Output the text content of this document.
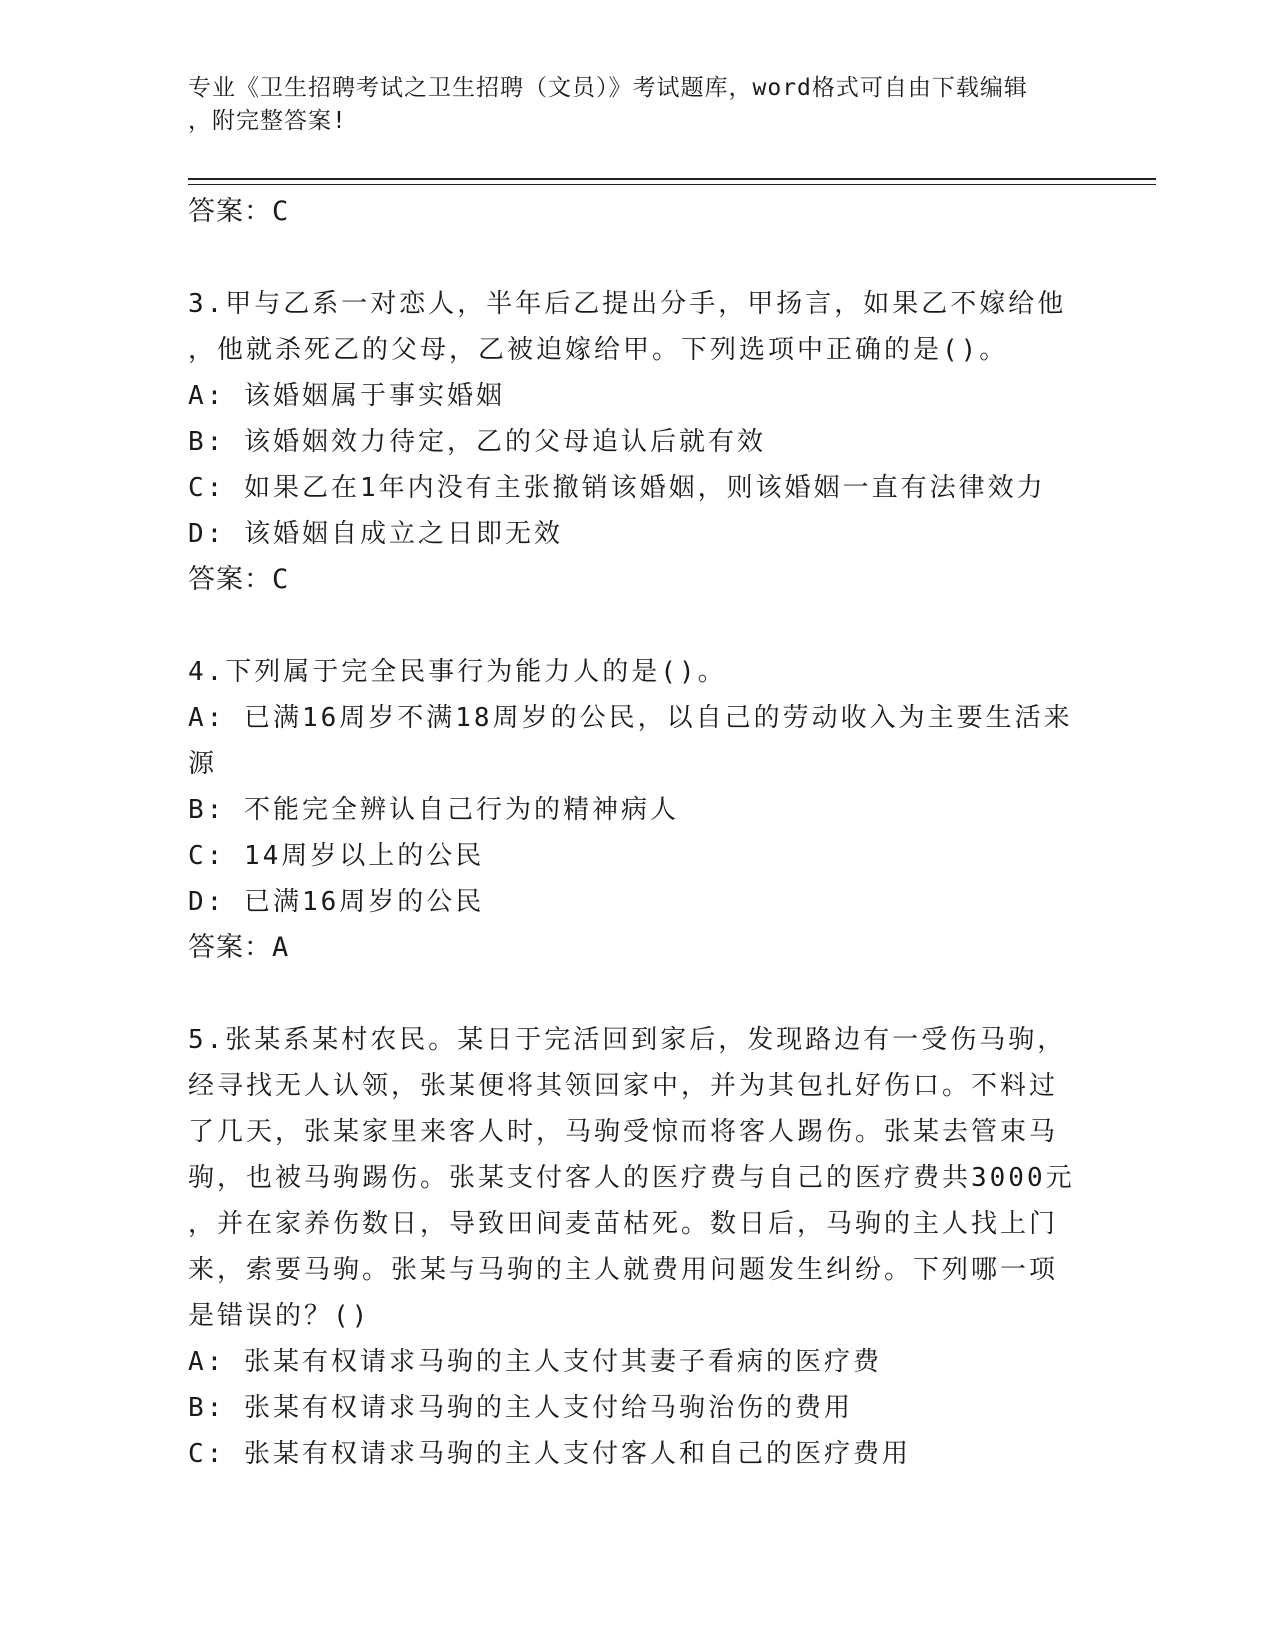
专业《卫生招聘考试之卫生招聘（文员）》考试题库，word格式可自由下载编辑
，附完整答案!
答案：C
3.甲与乙系一对恋人，半年后乙提出分手，甲扬言，如果乙不嫁给他
，他就杀死乙的父母，乙被迫嫁给甲。下列选项中正确的是()。
A: 该婚姻属于事实婚姻
B: 该婚姻效力待定，乙的父母追认后就有效
C: 如果乙在1年内没有主张撤销该婚姻，则该婚姻一直有法律效力
D: 该婚姻自成立之日即无效
答案：C
4.下列属于完全民事行为能力人的是()。
A: 已满16周岁不满18周岁的公民，以自己的劳动收入为主要生活来
源
B: 不能完全辨认自己行为的精神病人
C: 14周岁以上的公民
D: 已满16周岁的公民
答案：A
5.张某系某村农民。某日于完活回到家后，发现路边有一受伤马驹，
经寻找无人认领，张某便将其领回家中，并为其包扎好伤口。不料过
了几天，张某家里来客人时，马驹受惊而将客人踢伤。张某去管束马
驹，也被马驹踢伤。张某支付客人的医疗费与自己的医疗费共3000元
，并在家养伤数日，导致田间麦苗枯死。数日后，马驹的主人找上门
来，索要马驹。张某与马驹的主人就费用问题发生纠纷。下列哪一项
是错误的？()
A: 张某有权请求马驹的主人支付其妻子看病的医疗费
B: 张某有权请求马驹的主人支付给马驹治伤的费用
C: 张某有权请求马驹的主人支付客人和自己的医疗费用
